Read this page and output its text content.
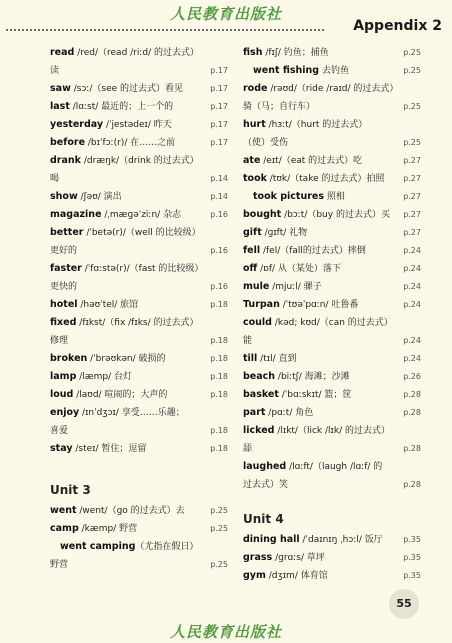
人民教育出版社
Appendix 2
read /red/（read /riːd/ 的过去式）
读	p.17
saw /sɔː/（see 的过去式）看见	p.17
last /lɑːst/ 最近的；上一个的	p.17
yesterday /ˈjestədeɪ/ 昨天	p.17
before /bɪˈfɔː(r)/ 在……之前	p.17
drank /dræŋk/（drink 的过去式）
喝	p.14
show /ʃəʊ/ 演出	p.14
magazine /ˌmæɡəˈziːn/ 杂志	p.16
better /ˈbetə(r)/（well 的比较级）
更好的	p.16
faster /ˈfɑːstə(r)/（fast 的比较级）
更快的	p.16
hotel /həʊˈtel/ 旅馆	p.18
fixed /fɪkst/（fix /fɪks/ 的过去式）
修理	p.18
broken /ˈbrəʊkən/ 破损的	p.18
lamp /læmp/ 台灯	p.18
loud /laʊd/ 喧闹的；大声的	p.18
enjoy /ɪnˈdʒɔɪ/ 享受……乐趣；
喜爱	p.18
stay /steɪ/ 暂住；逗留	p.18
Unit 3
went /went/（go 的过去式）去	p.25
camp /kæmp/ 野营	p.25
went camping（尤指在假日）
野营	p.25
fish /fɪʃ/ 钓鱼；捕鱼	p.25
went fishing 去钓鱼	p.25
rode /rəʊd/（ride /raɪd/ 的过去式）
骑（马；自行车）	p.25
hurt /hɜːt/（hurt 的过去式）
（使）受伤	p.25
ate /eɪt/（eat 的过去式）吃	p.27
took /tʊk/（take 的过去式）拍照	p.27
took pictures 照相	p.27
bought /bɔːt/（buy 的过去式）买	p.27
gift /ɡɪft/ 礼物	p.27
fell /fel/（fall的过去式）摔倒	p.24
off /ɒf/ 从（某处）落下	p.24
mule /mjuːl/ 骡子	p.24
Turpan /ˈtʊəˈpɑːn/ 吐鲁番	p.24
could /kəd; kʊd/（can 的过去式）
能	p.24
till /tɪl/ 直到	p.24
beach /biːtʃ/ 海滩；沙滩	p.26
basket /ˈbɑːskɪt/ 篮；筐	p.28
part /pɑːt/ 角色	p.28
licked /lɪkt/（lick /lɪk/ 的过去式）
舔	p.28
laughed /lɑːft/（laugh /lɑːf/ 的
过去式）笑	p.28
Unit 4
dining hall /ˈdaɪnɪŋ ˌhɔːl/ 饭厅	p.35
grass /ɡrɑːs/ 草坪	p.35
gym /dʒɪm/ 体育馆	p.35
55
人民教育出版社
